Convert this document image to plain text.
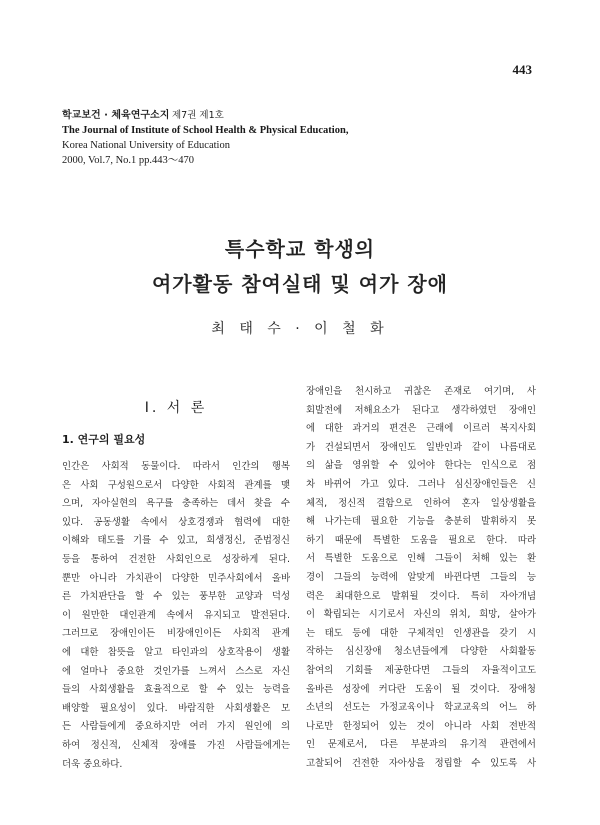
443
학교보건 · 체육연구소지 제7권 제1호
The Journal of Institute of School Health & Physical Education,
Korea National University of Education
2000, Vol.7, No.1 pp.443～470
특수학교 학생의
여가활동 참여실태 및 여가 장애
최 태 수 · 이 철 화
Ⅰ. 서 론
1. 연구의 필요성

인간은 사회적 동물이다. 따라서 인간의 행복

은 사회 구성원으로서 다양한 사회적 관계를 맺

으며, 자아실현의 욕구를 충족하는 데서 찾을 수

있다. 공동생활 속에서 상호경쟁과 협력에 대한

이해와 태도를 기를 수 있고, 희생정신, 준법정신

등을 통하여 건전한 사회인으로 성장하게 된다.

뿐만 아니라 가치관이 다양한 민주사회에서 올바

른 가치판단을 할 수 있는 풍부한 교양과 덕성

이 원만한 대인관계 속에서 유지되고 발전된다.

그러므로 장애인이든 비장애인이든 사회적 관계

에 대한 참뜻을 알고 타인과의 상호작용이 생활

에 얼마나 중요한 것인가를 느껴서 스스로 자신

들의 사회생활을 효율적으로 할 수 있는 능력을

배양할 필요성이 있다. 바람직한 사회생활은 모

든 사람들에게 중요하지만 여러 가지 원인에 의

하여 정신적, 신체적 장애를 가진 사람들에게는

더욱 중요하다.

장애인을 천시하고 귀찮은 존재로 여기며, 사

회발전에 저해요소가 된다고 생각하였던 장애인

에 대한 과거의 편견은 근래에 이르러 복지사회

가 건설되면서 장애인도 일반인과 같이 나름대로

의 삶을 영위할 수 있어야 한다는 인식으로 점

차 바뀌어 가고 있다. 그러나 심신장애인들은 신

체적, 정신적 결함으로 인하여 혼자 일상생활을

해 나가는데 필요한 기능을 충분히 발휘하지 못

하기 때문에 특별한 도움을 필요로 한다. 따라

서 특별한 도움으로 인해 그들이 처해 있는 환

경이 그들의 능력에 알맞게 바뀐다면 그들의 능

력은 최대한으로 발휘될 것이다. 특히 자아개념

이 확립되는 시기로서 자신의 위치, 희망, 살아가

는 태도 등에 대한 구체적인 인생관을 갖기 시

작하는 심신장애 청소년들에게 다양한 사회활동

참여의 기회를 제공한다면 그들의 자율적이고도

올바른 성장에 커다란 도움이 될 것이다. 장애청

소년의 선도는 가정교육이나 학교교육의 어느 하

나로만 한정되어 있는 것이 아니라 사회 전반적

인 문제로서, 다른 부분과의 유기적 관련에서

고찰되어 건전한 자아상을 정립할 수 있도록 사
